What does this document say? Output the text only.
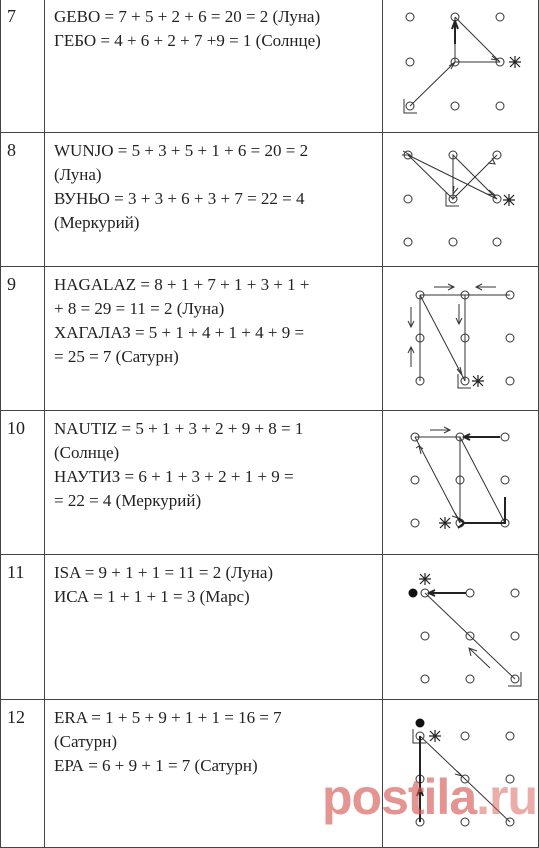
7	GEBO = 7 + 5 + 2 + 6 = 20 = 2 (Луна)
ГЕБО = 4 + 6 + 2 + 7 +9 = 1 (Солнце)

8	WUNJO = 5 + 3 + 5 + 1 + 6 = 20 = 2
(Луна)
ВУНЬО = 3 + 3 + 6 + 3 + 7 = 22 = 4
(Меркурий)

9	HAGALAZ = 8 + 1 + 7 + 1 + 3 + 1 +
+ 8 = 29 = 11 = 2 (Луна)
ХАГАЛАЗ = 5 + 1 + 4 + 1 + 4 + 9 =
= 25 = 7 (Сатурн)

10	NAUTIZ = 5 + 1 + 3 + 2 + 9 + 8 = 1
(Солнце)
НАУТИЗ = 6 + 1 + 3 + 2 + 1 + 9 =
= 22 = 4 (Меркурий)

11	ISA = 9 + 1 + 1 = 11 = 2 (Луна)
ИСА = 1 + 1 + 1 = 3 (Марс)

12	ERA = 1 + 5 + 9 + 1 + 1 = 16 = 7
(Сатурн)
ЕРА = 6 + 9 + 1 = 7 (Сатурн)

postila.ru
